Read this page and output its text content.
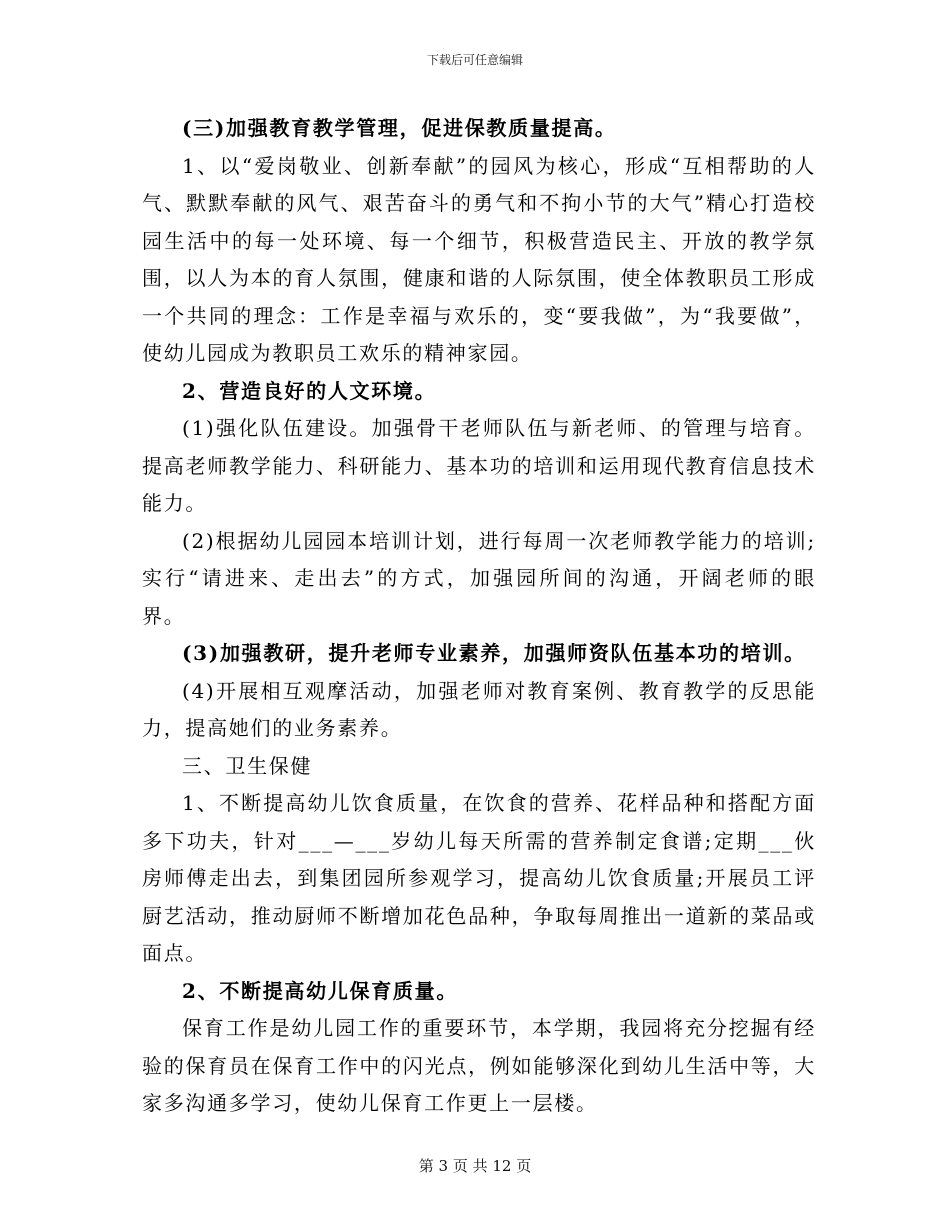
下载后可任意编辑

(三)加强教育教学管理，促进保教质量提高。

1、以“爱岗敬业、创新奉献”的园风为核心，形成“互相帮助的人气、默默奉献的风气、艰苦奋斗的勇气和不拘小节的大气”精心打造校园生活中的每一处环境、每一个细节，积极营造民主、开放的教学氛围，以人为本的育人氛围，健康和谐的人际氛围，使全体教职员工形成一个共同的理念：工作是幸福与欢乐的，变“要我做”，为“我要做”，使幼儿园成为教职员工欢乐的精神家园。

2、营造良好的人文环境。

(1)强化队伍建设。加强骨干老师队伍与新老师、的管理与培育。提高老师教学能力、科研能力、基本功的培训和运用现代教育信息技术能力。

(2)根据幼儿园园本培训计划，进行每周一次老师教学能力的培训;实行“请进来、走出去”的方式，加强园所间的沟通，开阔老师的眼界。

(3)加强教研，提升老师专业素养，加强师资队伍基本功的培训。

(4)开展相互观摩活动，加强老师对教育案例、教育教学的反思能力，提高她们的业务素养。

三、卫生保健

1、不断提高幼儿饮食质量，在饮食的营养、花样品种和搭配方面多下功夫，针对___—___岁幼儿每天所需的营养制定食谱;定期___伙房师傅走出去，到集团园所参观学习，提高幼儿饮食质量;开展员工评厨艺活动，推动厨师不断增加花色品种，争取每周推出一道新的菜品或面点。

2、不断提高幼儿保育质量。

保育工作是幼儿园工作的重要环节，本学期，我园将充分挖掘有经验的保育员在保育工作中的闪光点，例如能够深化到幼儿生活中等，大家多沟通多学习，使幼儿保育工作更上一层楼。

第 3 页 共 12 页
